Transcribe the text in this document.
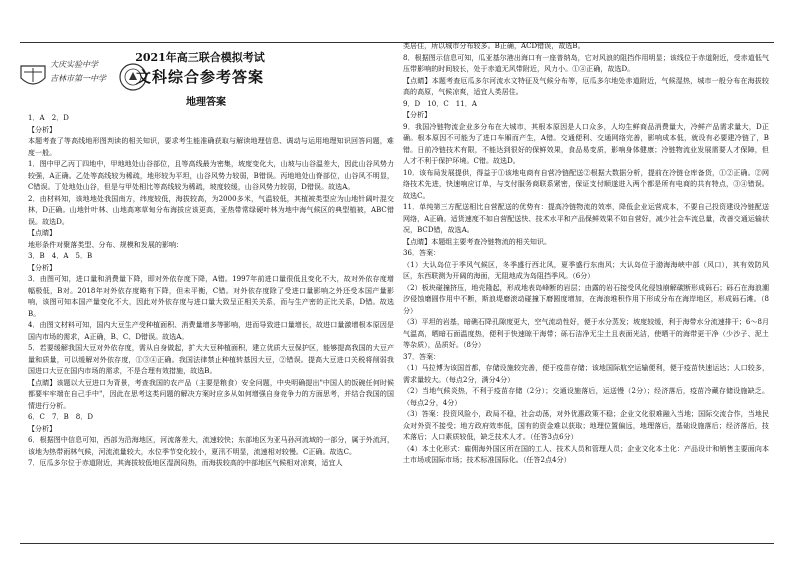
大庆实验中学
吉林市第一中学

2021年高三联合模拟考试

文科综合参考答案

地理答案

1．A　2．D

【分析】

本题考查了等高线地形图判读的相关知识，要求考生能准确获取与解读地理信息、调动与运用地理知识回答问题，难度一般。

1．图中甲乙丙丁四地中，甲地地处山谷部位，且等高线最为密集，坡度变化大，山坡与山谷温差大，因此山谷风势力较强，A正确。乙处等高线较为稀疏，地形较为平坦，山谷风势力较弱，B错误。丙地地处山脊部位，山谷风不明显，C错误。丁处地处山谷，但是与甲处相比等高线较为稀疏，坡度较缓，山谷风势力较弱，D错误。故选A。

2．由材料知，该地地处我国南方，纬度较低，海拔较高，为2000多米，气温较低，其植被类型应为山地针阔叶混交林，D正确。山地针叶林、山地高寒草甸分布海拔应该更高，亚热带常绿硬叶林为地中海气候区的典型植被，ABC错误。故选D。

【点睛】

地形条件对聚落类型、分布、规模和发展的影响：

3．B　4．A　5．B

【分析】

3．由图可知，进口量和消费量下降，即对外依存度下降，A错。1997年前进口量很低且变化不大，故对外依存度增幅极低，B对。2018年对外依存度略有下降，但未平衡，C错。对外依存度除了受进口量影响之外还受本国产量影响，该图可知本国产量变化不大，因此对外依存度与进口量大致呈正相关关系，而与生产密的正比关系，D错。故选B。

4．由图文材料可知，国内大豆生产受种植面积、消费量增多等影响，进而导致进口量增长，故进口量激增根本原因是国内市场的需求，A正确，B、C、D错误。故选A。

5．若要缓解我国大豆对外依存度，需从自身做起，扩大大豆种植面积，建立优质大豆保护区，能够提高我国的大豆产量和质量，可以缓解对外依存度，①③④正确。我国法律禁止种植转基因大豆，②错误。提高大豆进口关税将削弱我国进口大豆在国内市场的需求，不是合理有效措施，故选B。

【点睛】该题以大豆进口为背景，考查我国的农产品（主要是粮食）安全问题，中央明确提出"中国人的饭碗任何时候都要牢牢端在自己手中"，因此在思考这类问题的解决方案时应多从如何增强自身竞争力的方面思考，并结合我国的国情进行分析。

6．C　7．B　8．D

【分析】

6．根据图中信息可知，西部为沿海地区，河流落差大，流速较快；东部地区为亚马孙河流域的一部分，属于外流河，该地为热带雨林气候，河流流量较大，水位季节变化较小，夏汛不明显，流速相对较慢。C正确。故选C。

7．厄瓜多尔位于赤道附近，其海拔较低地区湿润闷热，而海拔较高的中部地区气候相对凉爽，适宜人

类居住，所以城市分布较多。B正确，ACD错误，故选B。

8．根据图示信息可知，瓜亚基尔港出海口有一座普纳岛，它对风浪的阻挡作用明显；该线位于赤道附近，受赤道低气压带影响的时间较长，处于赤道无风带附近，风力小。①④正确，故选D。

【点睛】本题考查厄瓜多尔河流水文特征及气候分布等，厄瓜多尔地处赤道附近，气候湿热，城市一般分布在海拔较高的高原，气候凉爽，适宜人类居住。

9．D　10．C　11．A

【分析】

9．我国冷链物流企业多分布在大城市，其根本原因是人口众多，人均生鲜商品消费量大，冷鲜产品需求量大，D正确。根本原因不可能为了进口车厢而产生，A错。交通便利、交通网络完善，影响成本低，就设有必要建冷链了，B错。日前冷链技术有限，不能达到很好的保鲜效果，食品易变质，影响身体健康；冷链物流业发展需要人才保障，但人才不利于保护环境。C错。故选D。

10．该布局发展提供，得益于①该地电商有自营冷链配送②根据大数据分析，提前在冷链仓库备货，①②正确。②网络技术先进，快速响应订单，与支付服务商联系紧密，保证支付顺遂进入两个都是所有电商的共有特点，③④错误。故选C。

11．单纯第三方配送相比自营配送的优势有：提高冷链物流的效率，降低企业运营成本，不要自己投资建设冷链配送网络，A正确。适货速度不如自营配送快、技术水平和产品保鲜效果不如自营好，减少社会车流总量，改善交通运输状况，BCD错，故选A。

【点睛】本题组主要考查冷链物流的相关知识。

36．答案：

（1）大认岛位于季风气候区，冬季盛行西北风，夏季盛行东南风；大认岛位于渤海海峡中部（风口），其有效防风区，东西联测为开阔的海面，无阻地成为岛阻挡季风。（6分）

（2）板块碰撞挤压，地壳隆起，形成地表岛峰断的岩层；由露的岩石接受风化侵蚀崩解碳断形成砾石；砾石在海浪潮汐侵蚀磨圆作用中不断，斯浪堤磨滚动碰撞下磨圆度增加，在海浪堆积作用下形成分布在海岸地区，形成砾石滩。（8分）

（3）平坦的岩基，暗礁石降孔隙度更大，空气流动性好，便于水分蒸发；坡度较缓，利于海带水分流速排干；6～8月气温高，晒暗石面温度热，便利于快速晾干海带；砾石洁净无尘土且表面光洁，使晒干的海带更干净（少沙子、泥土等杂质），品质好。（8分）

37．答案：

（1）马拉博为该国首都，存储设施较完善，便于疫苗存储；该地国际航空运输便利，便于疫苗快速运达；人口较多，需求量较大。（每点2分，满分4分）

（2）当地气候炎热，不利于疫苗存储（2分）；交通设施落后，运送慢（2分）；经济落后，疫苗冷藏存储设施缺乏。（每点2分，4分）

（3）答案：投资风险小，政局不稳，社会动荡，对外优惠政策不稳；企业文化很难融入当地；国际交流合作，当地民众对外资不接受；地方政府效率低，国有的资金难以获取；地理位置偏远，地理落后，基础设施落后；经济落后，技术落后；人口素质较低，缺乏技术人才。（任答3点6分）

（4）本土化形式：雇佣海外国区所在国的工人、技术人员和管理人员；企业文化本土化：产品设计和销售主要面向本土市场或国际市场；技术标准国际化。（任答2点4分）
